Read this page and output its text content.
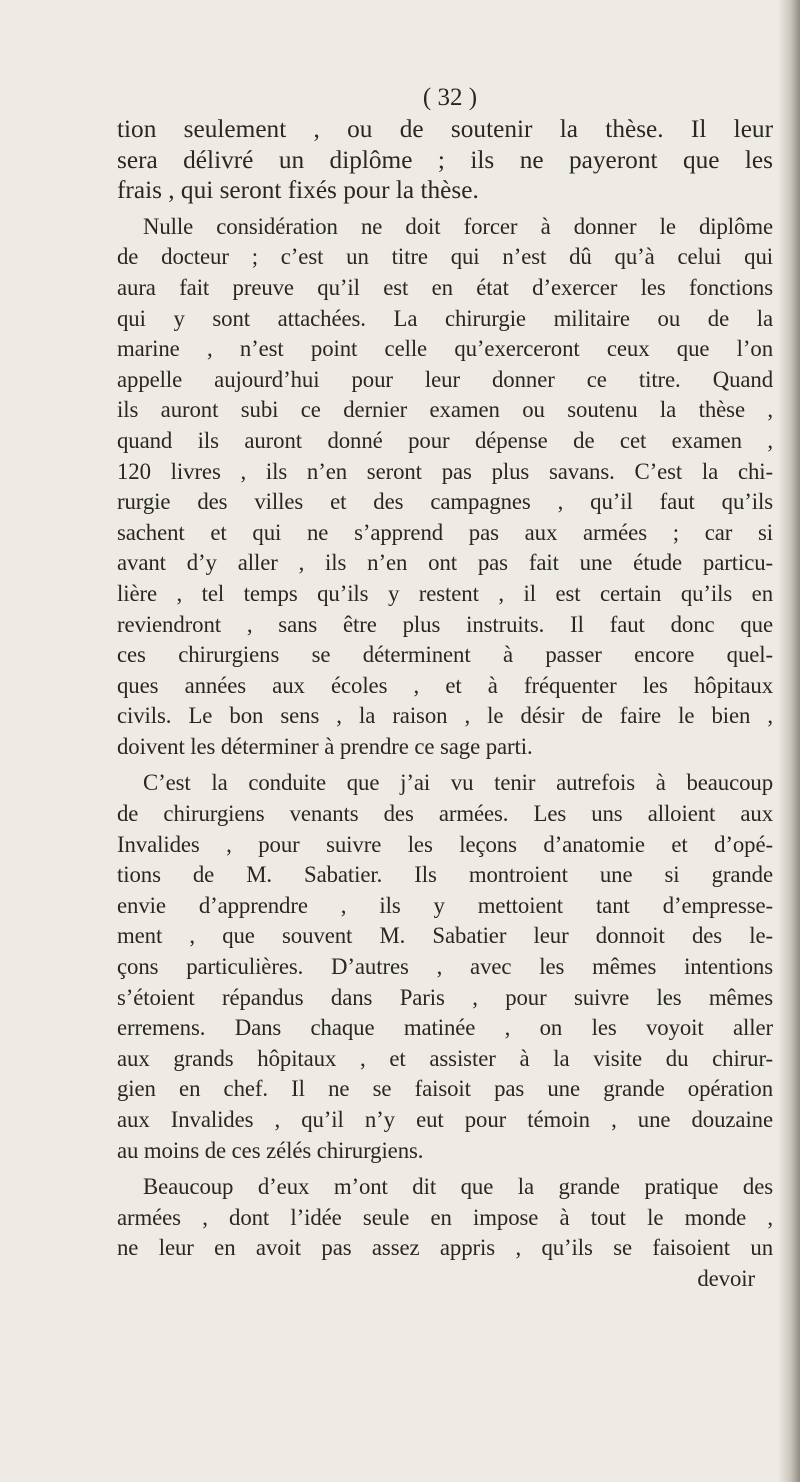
( 32 )
tion seulement , ou de soutenir la thèse. Il leur
sera délivré un diplôme ; ils ne payeront que les
frais , qui seront fixés pour la thèse.
Nulle considération ne doit forcer à donner le diplôme
de docteur ; c’est un titre qui n’est dû qu’à celui qui
aura fait preuve qu’il est en état d’exercer les fonctions
qui y sont attachées. La chirurgie militaire ou de la
marine , n’est point celle qu’exerceront ceux que l’on
appelle aujourd’hui pour leur donner ce titre. Quand
ils auront subi ce dernier examen ou soutenu la thèse ,
quand ils auront donné pour dépense de cet examen ,
120 livres , ils n’en seront pas plus savans. C’est la chi-
rurgie des villes et des campagnes , qu’il faut qu’ils
sachent et qui ne s’apprend pas aux armées ; car si
avant d’y aller , ils n’en ont pas fait une étude particu-
lière , tel temps qu’ils y restent , il est certain qu’ils en
reviendront , sans être plus instruits. Il faut donc que
ces chirurgiens se déterminent à passer encore quel-
ques années aux écoles , et à fréquenter les hôpitaux
civils. Le bon sens , la raison , le désir de faire le bien ,
doivent les déterminer à prendre ce sage parti.
C’est la conduite que j’ai vu tenir autrefois à beaucoup
de chirurgiens venants des armées. Les uns alloient aux
Invalides , pour suivre les leçons d’anatomie et d’opé-
tions de M. Sabatier. Ils montroient une si grande
envie d’apprendre , ils y mettoient tant d’empresse-
ment , que souvent M. Sabatier leur donnoit des le-
çons particulières. D’autres , avec les mêmes intentions
s’étoient répandus dans Paris , pour suivre les mêmes
erremens. Dans chaque matinée , on les voyoit aller
aux grands hôpitaux , et assister à la visite du chirur-
gien en chef. Il ne se faisoit pas une grande opération
aux Invalides , qu’il n’y eut pour témoin , une douzaine
au moins de ces zélés chirurgiens.
Beaucoup d’eux m’ont dit que la grande pratique des
armées , dont l’idée seule en impose à tout le monde ,
ne leur en avoit pas assez appris , qu’ils se faisoient un
devoir
